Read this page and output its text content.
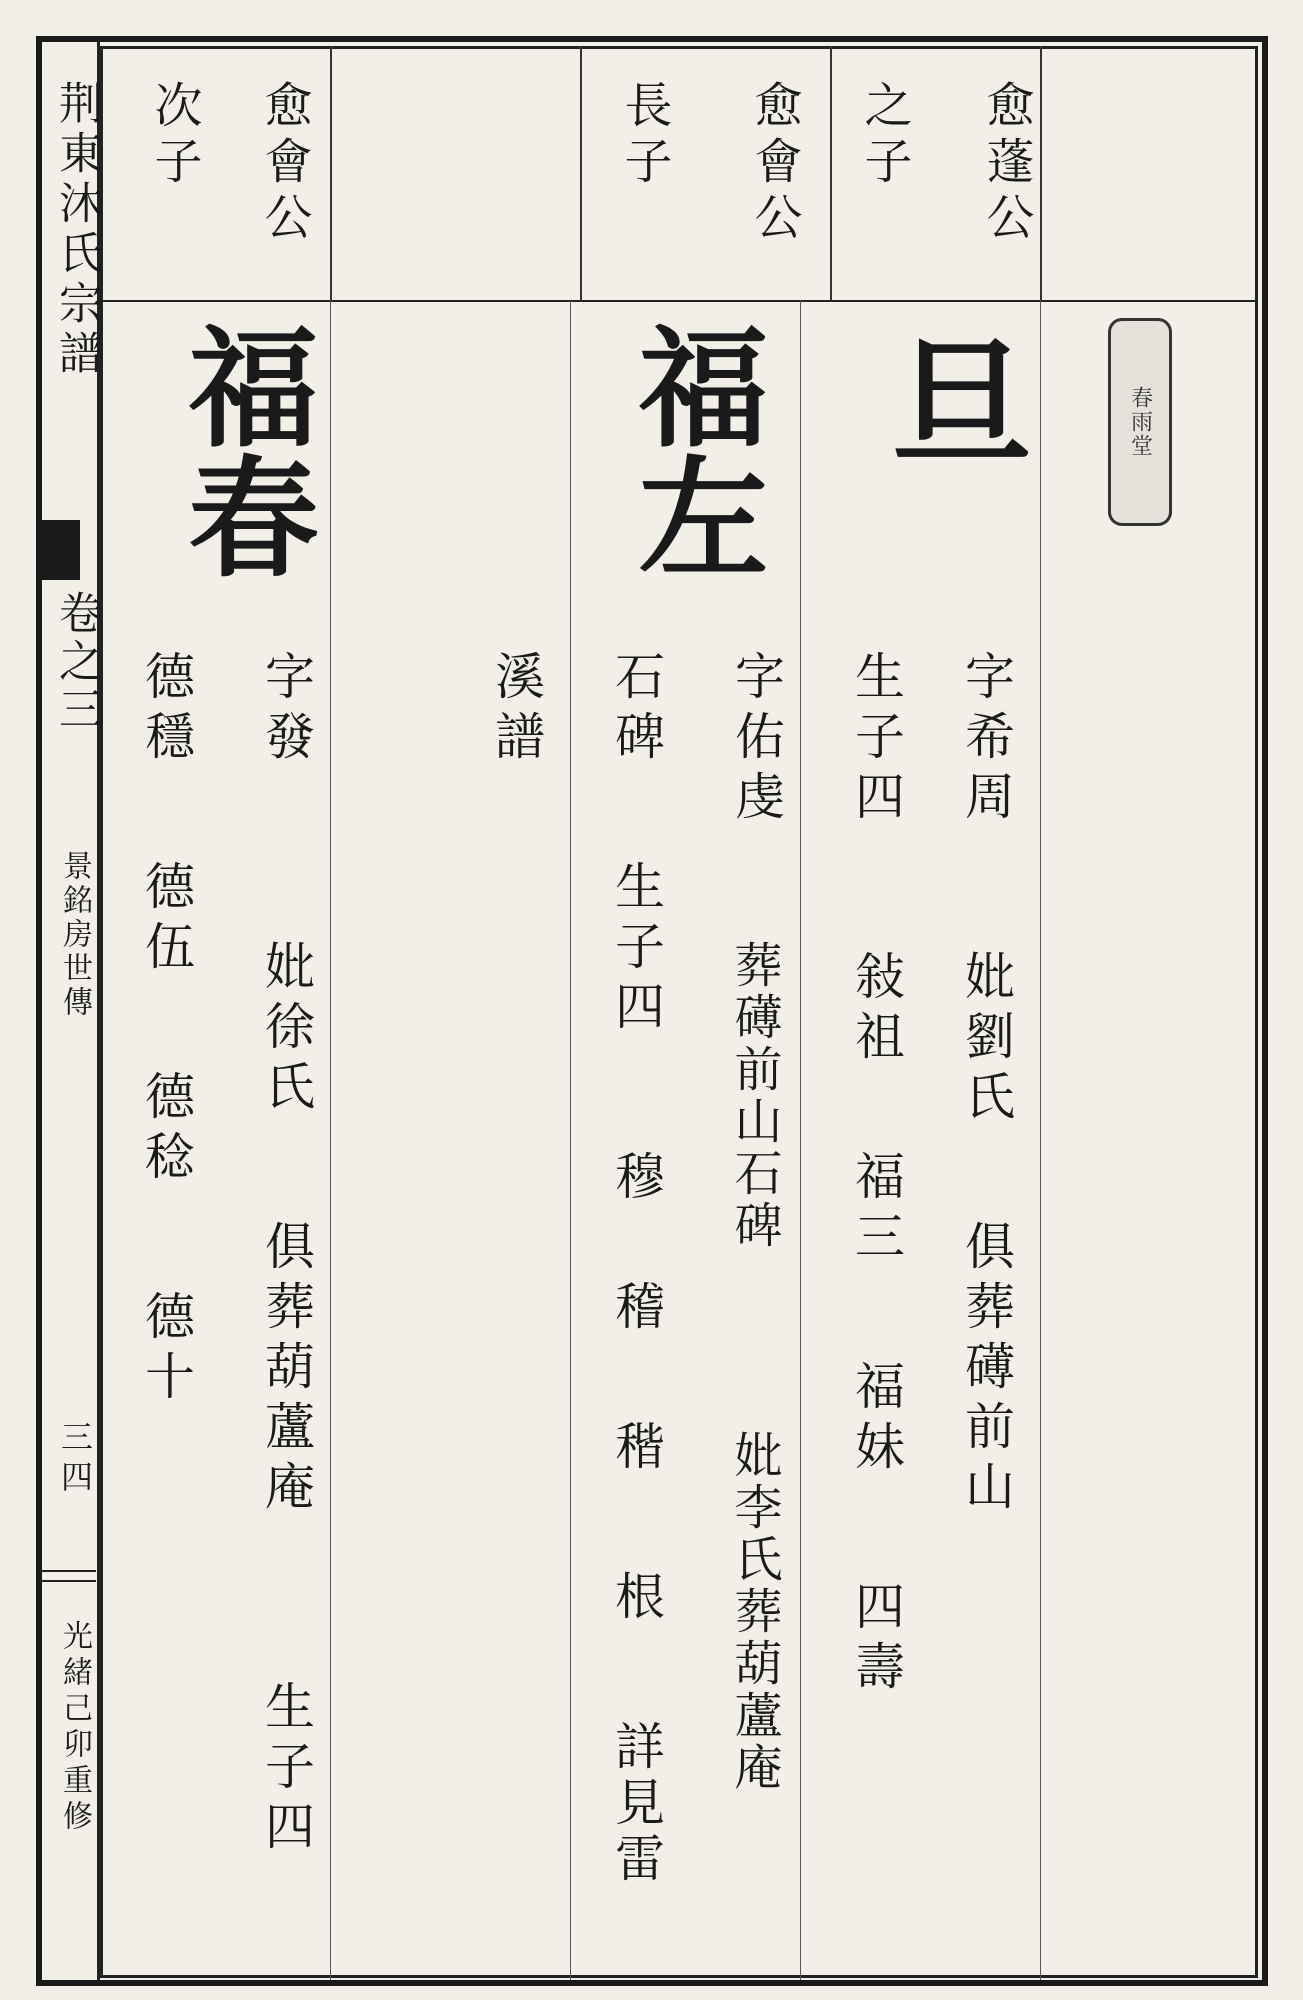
荆東沐氏宗譜
卷之三
景銘房世傳
三四
光緒己卯重修
春雨堂
愈蓬公
之子
愈會公
長子
愈會公
次子
旦
字希周
妣劉氏
俱葬礡前山
生子四
敍祖
福三
福妹
四壽
福左
字佑虔
葬礡前山石碑
妣李氏葬葫蘆庵
石碑
生子四
穆
稽
稭
根
詳見雷
溪譜
福春
字發
妣徐氏
俱葬葫蘆庵
生子四
德穩
德伍
德稔
德十
